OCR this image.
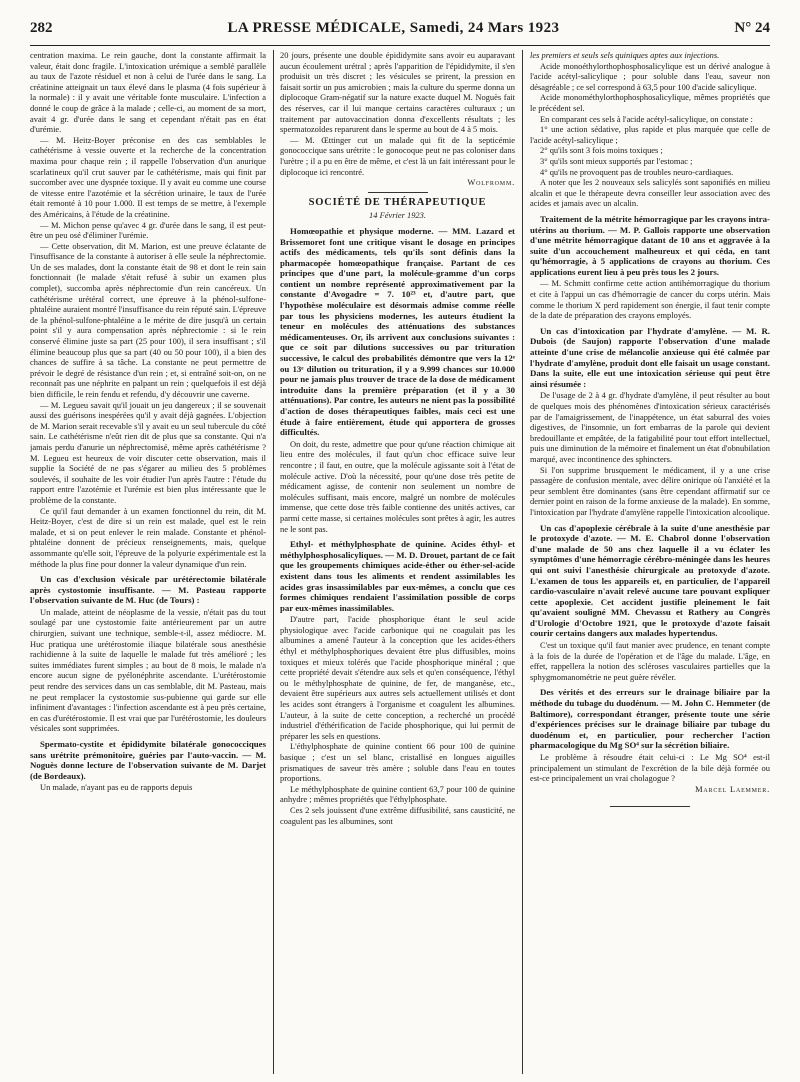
282	LA PRESSE MÉDICALE, Samedi, 24 Mars 1923	N° 24

centration maxima. Le rein gauche, dont la constante affirmait la valeur, était donc fragile. L'intoxication urémique a semblé parallèle au taux de l'azote résiduel et non à celui de l'urée dans le sang. La créatinine atteignait un taux élevé dans le plasma (4 fois supérieur à la normale) : il y avait une véritable fonte musculaire. L'infection a donné le coup de grâce à la malade ; celle-ci, au moment de sa mort, avait 4 gr. d'urée dans le sang et cependant n'était pas en état d'urémie.

— M. Heitz-Boyer préconise en des cas semblables le cathétérisme à vessie ouverte et la recherche de la concentration maxima pour chaque rein ; il rappelle l'observation d'un anurique scarlatineux qu'il crut sauver par le cathétérisme, mais qui finit par succomber avec une dyspnée toxique. Il y avait eu comme une course de vitesse entre l'azotémie et la sécrétion urinaire, le taux de l'urée était remonté à 10 pour 1.000. Il est temps de se mettre, à l'exemple des Américains, à l'étude de la créatinine.

— M. Michon pense qu'avec 4 gr. d'urée dans le sang, il est peut-être un peu osé d'éliminer l'urémie.

— Cette observation, dit M. Marion, est une preuve éclatante de l'insuffisance de la constante à autoriser à elle seule la néphrectomie. Un de ses malades, dont la constante était de 98 et dont le rein sain fonctionnait (le malade s'était refusé à subir un examen plus complet), succomba après néphrectomie d'un rein cancéreux. Un cathétérisme urétéral correct, une épreuve à la phénol-sulfone-phtaléine auraient montré l'insuffisance du rein réputé sain. L'épreuve de la phénol-sulfone-phtaléine a le mérite de dire jusqu'à un certain point s'il y aura compensation après néphrectomie : si le rein conservé élimine juste sa part (25 pour 100), il sera insuffisant ; s'il élimine beaucoup plus que sa part (40 ou 50 pour 100), il a bien des chances de suffire à sa tâche. La constante ne peut permettre de prévoir le degré de résistance d'un rein ; et, si entraîné soit-on, on ne reconnaît pas une néphrite en palpant un rein ; quelquefois il est déjà bien difficile, le rein fendu et refendu, d'y découvrir une caverne.

— M. Legueu savait qu'il jouait un jeu dangereux ; il se souvenait aussi des guérisons inespérées qu'il y avait déjà gagnées. L'objection de M. Marion serait recevable s'il y avait eu un seul tubercule du côté sain. Le cathétérisme n'eût rien dit de plus que sa constante. Qui n'a jamais perdu d'anurie un néphrectomisé, même après cathétérisme ? M. Legueu est heureux de voir discuter cette observation, mais il supplie la Société de ne pas s'égarer au milieu des 5 problèmes soulevés, il souhaite de les voir étudier l'un après l'autre : l'étude du rapport entre l'azotémie et l'urémie est bien plus intéressante que le problème de la constante.

Ce qu'il faut demander à un examen fonctionnel du rein, dit M. Heitz-Boyer, c'est de dire si un rein est malade, quel est le rein malade, et si on peut enlever le rein malade. Constante et phénol-phtaléine donnent de précieux renseignements, mais, quelque assommante qu'elle soit, l'épreuve de la polyurie expérimentale est la méthode la plus fine pour donner la valeur dynamique d'un rein.

Un cas d'exclusion vésicale par urétérectomie bilatérale après cystostomie insuffisante. — M. Pasteau rapporte l'observation suivante de M. Huc (de Tours) :

Un malade, atteint de néoplasme de la vessie, n'était pas du tout soulagé par une cystostomie faite antérieurement par un autre chirurgien, suivant une technique, semble-t-il, assez médiocre. M. Huc pratiqua une urétérostomie iliaque bilatérale sous anesthésie rachidienne à la suite de laquelle le malade fut très amélioré ; les suites immédiates furent simples ; au bout de 8 mois, le malade n'a encore aucun signe de pyélonéphrite ascendante. L'urétérostomie peut rendre des services dans un cas semblable, dit M. Pasteau, mais ne peut remplacer la cystostomie sus-pubienne qui garde sur elle infiniment d'avantages : l'infection ascendante est à peu près certaine, en cas d'urétérostomie. Il est vrai que par l'urétérostomie, les douleurs vésicales sont supprimées.

Spermato-cystite et épididymite bilatérale gonococciques sans urétrite prémonitoire, guéries par l'auto-vaccin. — M. Noguès donne lecture de l'observation suivante de M. Darjet (de Bordeaux).

Un malade, n'ayant pas eu de rapports depuis

20 jours, présente une double épididymite sans avoir eu auparavant aucun écoulement urétral ; après l'apparition de l'épididymite, il s'en produisit un très discret ; les vésicules se prirent, la pression en faisait sortir un pus amicrobien ; mais la culture du sperme donna un diplocoque Gram-négatif sur la nature exacte duquel M. Noguès fait des réserves, car il lui manque certains caractères culturaux ; un traitement par autovaccination donna d'excellents résultats ; les spermatozoïdes reparurent dans le sperme au bout de 4 à 5 mois.

— M. Œttinger cut un malade qui fit de la septicémie gonococcique sans urétrite : le gonocoque peut ne pas coloniser dans l'urètre ; il a pu en être de même, et c'est là un fait intéressant pour le diplocoque ici rencontré.

Wolfromm.

SOCIÉTÉ DE THÉRAPEUTIQUE

14 Février 1923.

Homœopathie et physique moderne. — MM. Lazard et Brissemoret font une critique visant le dosage en principes actifs des médicaments, tels qu'ils sont définis dans la pharmacopée homœopathique française. Partant de ces principes que d'une part, la molécule-gramme d'un corps contient un nombre représenté approximativement par la constante d'Avogadre = 7. 10²³ et, d'autre part, que l'hypothèse moléculaire est désormais admise comme réelle par tous les physiciens modernes, les auteurs étudient la teneur en molécules des atténuations des substances médicamenteuses. Or, ils arrivent aux conclusions suivantes : que ce soit par dilutions successives ou par trituration successive, le calcul des probabilités démontre que vers la 12ᵉ ou 13ᵉ dilution ou trituration, il y a 9.999 chances sur 10.000 pour ne jamais plus trouver de trace de la dose de médicament introduite dans la première préparation (et il y a 30 atténuations). Par contre, les auteurs ne nient pas la possibilité d'action de doses thérapeutiques faibles, mais ceci est une étude à faire entièrement, étude qui apportera de grosses difficultés.

On doit, du reste, admettre que pour qu'une réaction chimique ait lieu entre des molécules, il faut qu'un choc efficace suive leur rencontre ; il faut, en outre, que la molécule agissante soit à l'état de molécule active. D'où la nécessité, pour qu'une dose très petite de médicament agisse, de contenir non seulement un nombre de molécules suffisant, mais encore, malgré un nombre de molécules immense, que cette dose très faible contienne des unités actives, car parmi cette masse, si certaines molécules sont prêtes à agir, les autres ne le sont pas.

Ethyl- et méthylphosphate de quinine. Acides éthyl- et méthylphosphosalicyliques. — M. D. Drouet, partant de ce fait que les groupements chimiques acide-éther ou éther-sel-acide existent dans tous les aliments et rendent assimilables les acides gras insassimilables par eux-mêmes, a conclu que ces formes chimiques rendaient l'assimilation possible de corps par eux-mêmes inassimilables.

D'autre part, l'acide phosphorique étant le seul acide physiologique avec l'acide carbonique qui ne coagulait pas les albumines a amené l'auteur à la conception que les acides-éthers éthyl et méthylphosphoriques devaient être plus diffusibles, moins toxiques et mieux tolérés que l'acide phosphorique minéral ; que cette propriété devait s'étendre aux sels et qu'en conséquence, l'éthyl ou le méthylphosphate de quinine, de fer, de manganèse, etc., devaient être supérieurs aux autres sels actuellement utilisés et dont les acides sont étrangers à l'organisme et coagulent les albumines. L'auteur, à la suite de cette conception, a recherché un procédé industriel d'éthérification de l'acide phosphorique, qui lui permit de préparer les sels en questions.

L'éthylphosphate de quinine contient 66 pour 100 de quinine basique ; c'est un sel blanc, cristallisé en longues aiguilles prismatiques de saveur très amère ; soluble dans l'eau en toutes proportions.

Le méthylphosphate de quinine contient 63,7 pour 100 de quinine anhydre ; mêmes propriétés que l'éthylphosphate.

Ces 2 sels jouissent d'une extrême diffusibilité, sans causticité, ne coagulent pas les albumines, sont

les premiers et seuls sels quiniques aptes aux injections.

Acide monoéthylorthophosphosalicylique est un dérivé analogue à l'acide acétyl-salicylique ; pour soluble dans l'eau, saveur non désagréable ; ce sel correspond à 63,5 pour 100 d'acide salicylique.

Acide monométhylorthophosphosalicylique, mêmes propriétés que le précédent sel.

En comparant ces sels à l'acide acétyl-salicylique, on constate :

1° une action sédative, plus rapide et plus marquée que celle de l'acide acétyl-salicylique ;

2° qu'ils sont 3 fois moins toxiques ;

3° qu'ils sont mieux supportés par l'estomac ;

4° qu'ils ne provoquent pas de troubles neuro-cardiaques.

A noter que les 2 nouveaux sels salicylés sont saponifiés en milieu alcalin et que le thérapeute devra conseiller leur association avec des acides et jamais avec un alcalin.

Traitement de la métrite hémorragique par les crayons intra-utérins au thorium. — M. P. Gallois rapporte une observation d'une métrite hémorragique datant de 10 ans et aggravée à la suite d'un accouchement malheureux et qui céda, en tant qu'hémorragie, à 5 applications de crayons au thorium. Ces applications eurent lieu à peu près tous les 2 jours.

— M. Schmitt confirme cette action antihémorragique du thorium et cite à l'appui un cas d'hémorragie de cancer du corps utérin. Mais comme le thorium X perd rapidement son énergie, il faut tenir compte de la date de préparation des crayons employés.

Un cas d'intoxication par l'hydrate d'amylène. — M. R. Dubois (de Saujon) rapporte l'observation d'une malade atteinte d'une crise de mélancolie anxieuse qui été calmée par l'hydrate d'amylène, produit dont elle faisait un usage constant. Dans la suite, elle eut une intoxication sérieuse qui peut être ainsi résumée :

De l'usage de 2 à 4 gr. d'hydrate d'amylène, il peut résulter au bout de quelques mois des phénomènes d'intoxication sérieux caractérisés par de l'amaigrissement, de l'inappétence, un état saburral des voies digestives, de l'insomnie, un fort embarras de la parole qui devient bredouillante et empâtée, de la fatigabilité pour tout effort intellectuel, puis une diminution de la mémoire et finalement un état d'obnubilation marqué, avec incontinence des sphincters.

Si l'on supprime brusquement le médicament, il y a une crise passagère de confusion mentale, avec délire onirique où l'anxiété et la peur semblent être dominantes (sans être cependant affirmatif sur ce dernier point en raison de la forme anxieuse de la malade). En somme, l'intoxication par l'hydrate d'amylène rappelle l'intoxication alcoolique.

Un cas d'apoplexie cérébrale à la suite d'une anesthésie par le protoxyde d'azote. — M. E. Chabrol donne l'observation d'une malade de 50 ans chez laquelle il a vu éclater les symptômes d'une hémorragie cérébro-méningée dans les heures qui ont suivi l'anesthésie chirurgicale au protoxyde d'azote. L'examen de tous les appareils et, en particulier, de l'appareil cardio-vasculaire n'avait relevé aucune tare pouvant expliquer cette apoplexie. Cet accident justifie pleinement le fait qu'avaient souligné MM. Chevassu et Rathery au Congrès d'Urologie d'Octobre 1921, que le protoxyde d'azote faisait courir certains dangers aux malades hypertendus.

C'est un toxique qu'il faut manier avec prudence, en tenant compte à la fois de la durée de l'opération et de l'âge du malade. L'âge, en effet, rappellera la notion des scléroses vasculaires partielles que la sphygmomanométrie ne peut guère révéler.

Des vérités et des erreurs sur le drainage biliaire par la méthode du tubage du duodénum. — M. John C. Hemmeter (de Baltimore), correspondant étranger, présente toute une série d'expériences précises sur le drainage biliaire par tubage du duodénum et, en particulier, pour rechercher l'action pharmacologique du Mg SO⁴ sur la sécrétion biliaire.

Le problème à résoudre était celui-ci : Le Mg SO⁴ est-il principalement un stimulant de l'excrétion de la bile déjà formée ou est-ce principalement un vrai cholagogue ?

Marcel Laemmer.
